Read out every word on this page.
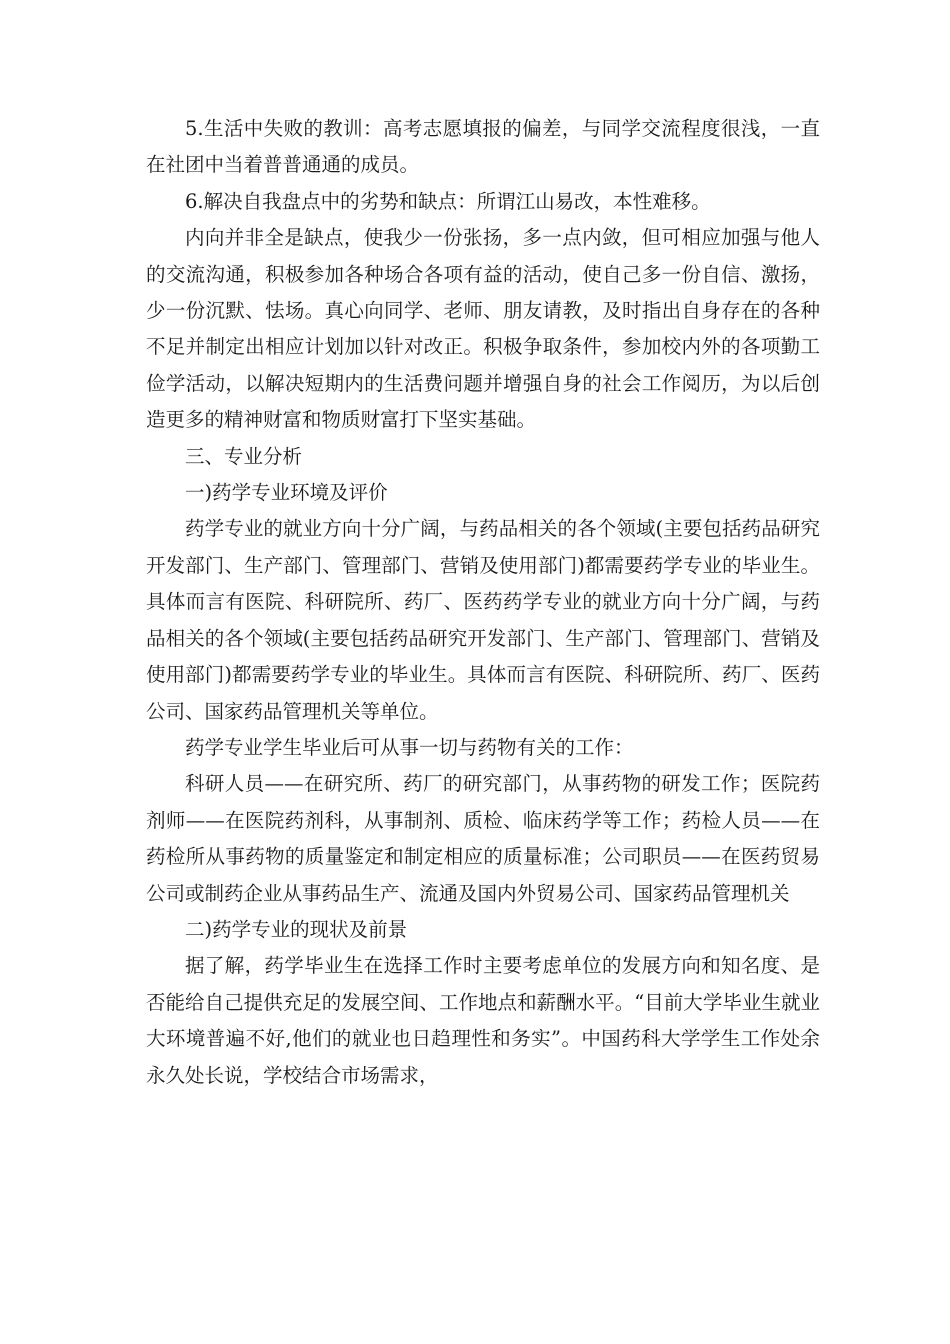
5.生活中失败的教训：高考志愿填报的偏差，与同学交流程度很浅，一直在社团中当着普普通通的成员。

6.解决自我盘点中的劣势和缺点：所谓江山易改，本性难移。

内向并非全是缺点，使我少一份张扬，多一点内敛，但可相应加强与他人的交流沟通，积极参加各种场合各项有益的活动，使自己多一份自信、激扬，少一份沉默、怯场。真心向同学、老师、朋友请教，及时指出自身存在的各种不足并制定出相应计划加以针对改正。积极争取条件，参加校内外的各项勤工俭学活动，以解决短期内的生活费问题并增强自身的社会工作阅历，为以后创造更多的精神财富和物质财富打下坚实基础。

三、专业分析

一)药学专业环境及评价

药学专业的就业方向十分广阔，与药品相关的各个领域(主要包括药品研究开发部门、生产部门、管理部门、营销及使用部门)都需要药学专业的毕业生。具体而言有医院、科研院所、药厂、医药药学专业的就业方向十分广阔，与药品相关的各个领域(主要包括药品研究开发部门、生产部门、管理部门、营销及使用部门)都需要药学专业的毕业生。具体而言有医院、科研院所、药厂、医药公司、国家药品管理机关等单位。

药学专业学生毕业后可从事一切与药物有关的工作：

科研人员——在研究所、药厂的研究部门，从事药物的研发工作；医院药剂师——在医院药剂科，从事制剂、质检、临床药学等工作；药检人员——在药检所从事药物的质量鉴定和制定相应的质量标准；公司职员——在医药贸易公司或制药企业从事药品生产、流通及国内外贸易公司、国家药品管理机关

二)药学专业的现状及前景

据了解，药学毕业生在选择工作时主要考虑单位的发展方向和知名度、是否能给自己提供充足的发展空间、工作地点和薪酬水平。“目前大学毕业生就业大环境普遍不好,他们的就业也日趋理性和务实”。中国药科大学学生工作处余永久处长说，学校结合市场需求，
